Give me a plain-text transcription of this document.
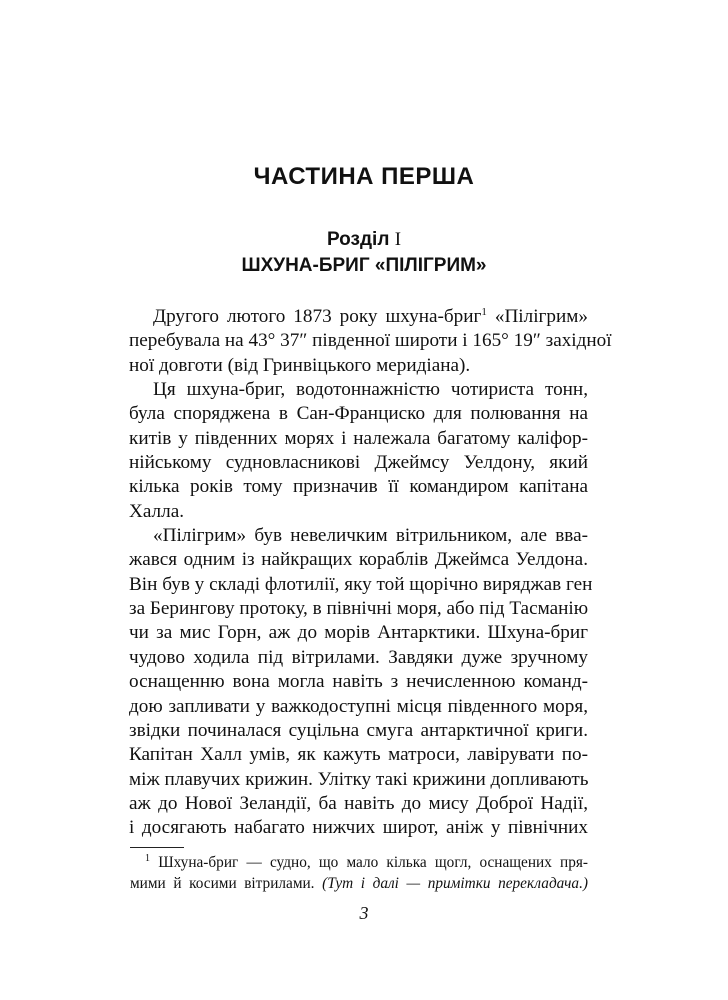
ЧАСТИНА ПЕРША
Розділ I
ШХУНА-БРИГ «ПІЛІГРИМ»

Другого лютого 1873 року шхуна-бриг$^1$ «Пілігрим»
перебувала на 43° 37″ південної широти і 165° 19″ західної
ної довготи (від Гринвіцького меридіана).

Ця шхуна-бриг, водотоннажністю чотириста тонн,
була споряджена в Сан-Франциско для полювання на
китів у південних морях і належала багатому каліфор-
нійському судновласникові Джеймсу Уелдону, який
кілька років тому призначив її командиром капітана
Халла.

«Пілігрим» був невеличким вітрильником, але вва-
жався одним із найкращих кораблів Джеймса Уелдона.
Він був у складі флотилії, яку той щорічно виряджав ген
за Берингову протоку, в північні моря, або під Тасманію
чи за мис Горн, аж до морів Антарктики. Шхуна-бриг
чудово ходила під вітрилами. Завдяки дуже зручному
оснащенню вона могла навіть з нечисленною команд-
дою запливати у важкодоступні місця південного моря,
звідки починалася суцільна смуга антарктичної криги.
Капітан Халл умів, як кажуть матроси, лавірувати по-
між плавучих крижин. Улітку такі крижини допливають
аж до Нової Зеландії, ба навіть до мису Доброї Надії,
і досягають набагато нижчих широт, аніж у північних

$^1$ Шхуна-бриг — судно, що мало кілька щогл, оснащених пря-
мими й косими вітрилами. (Тут і далі — примітки перекладача.)
3
